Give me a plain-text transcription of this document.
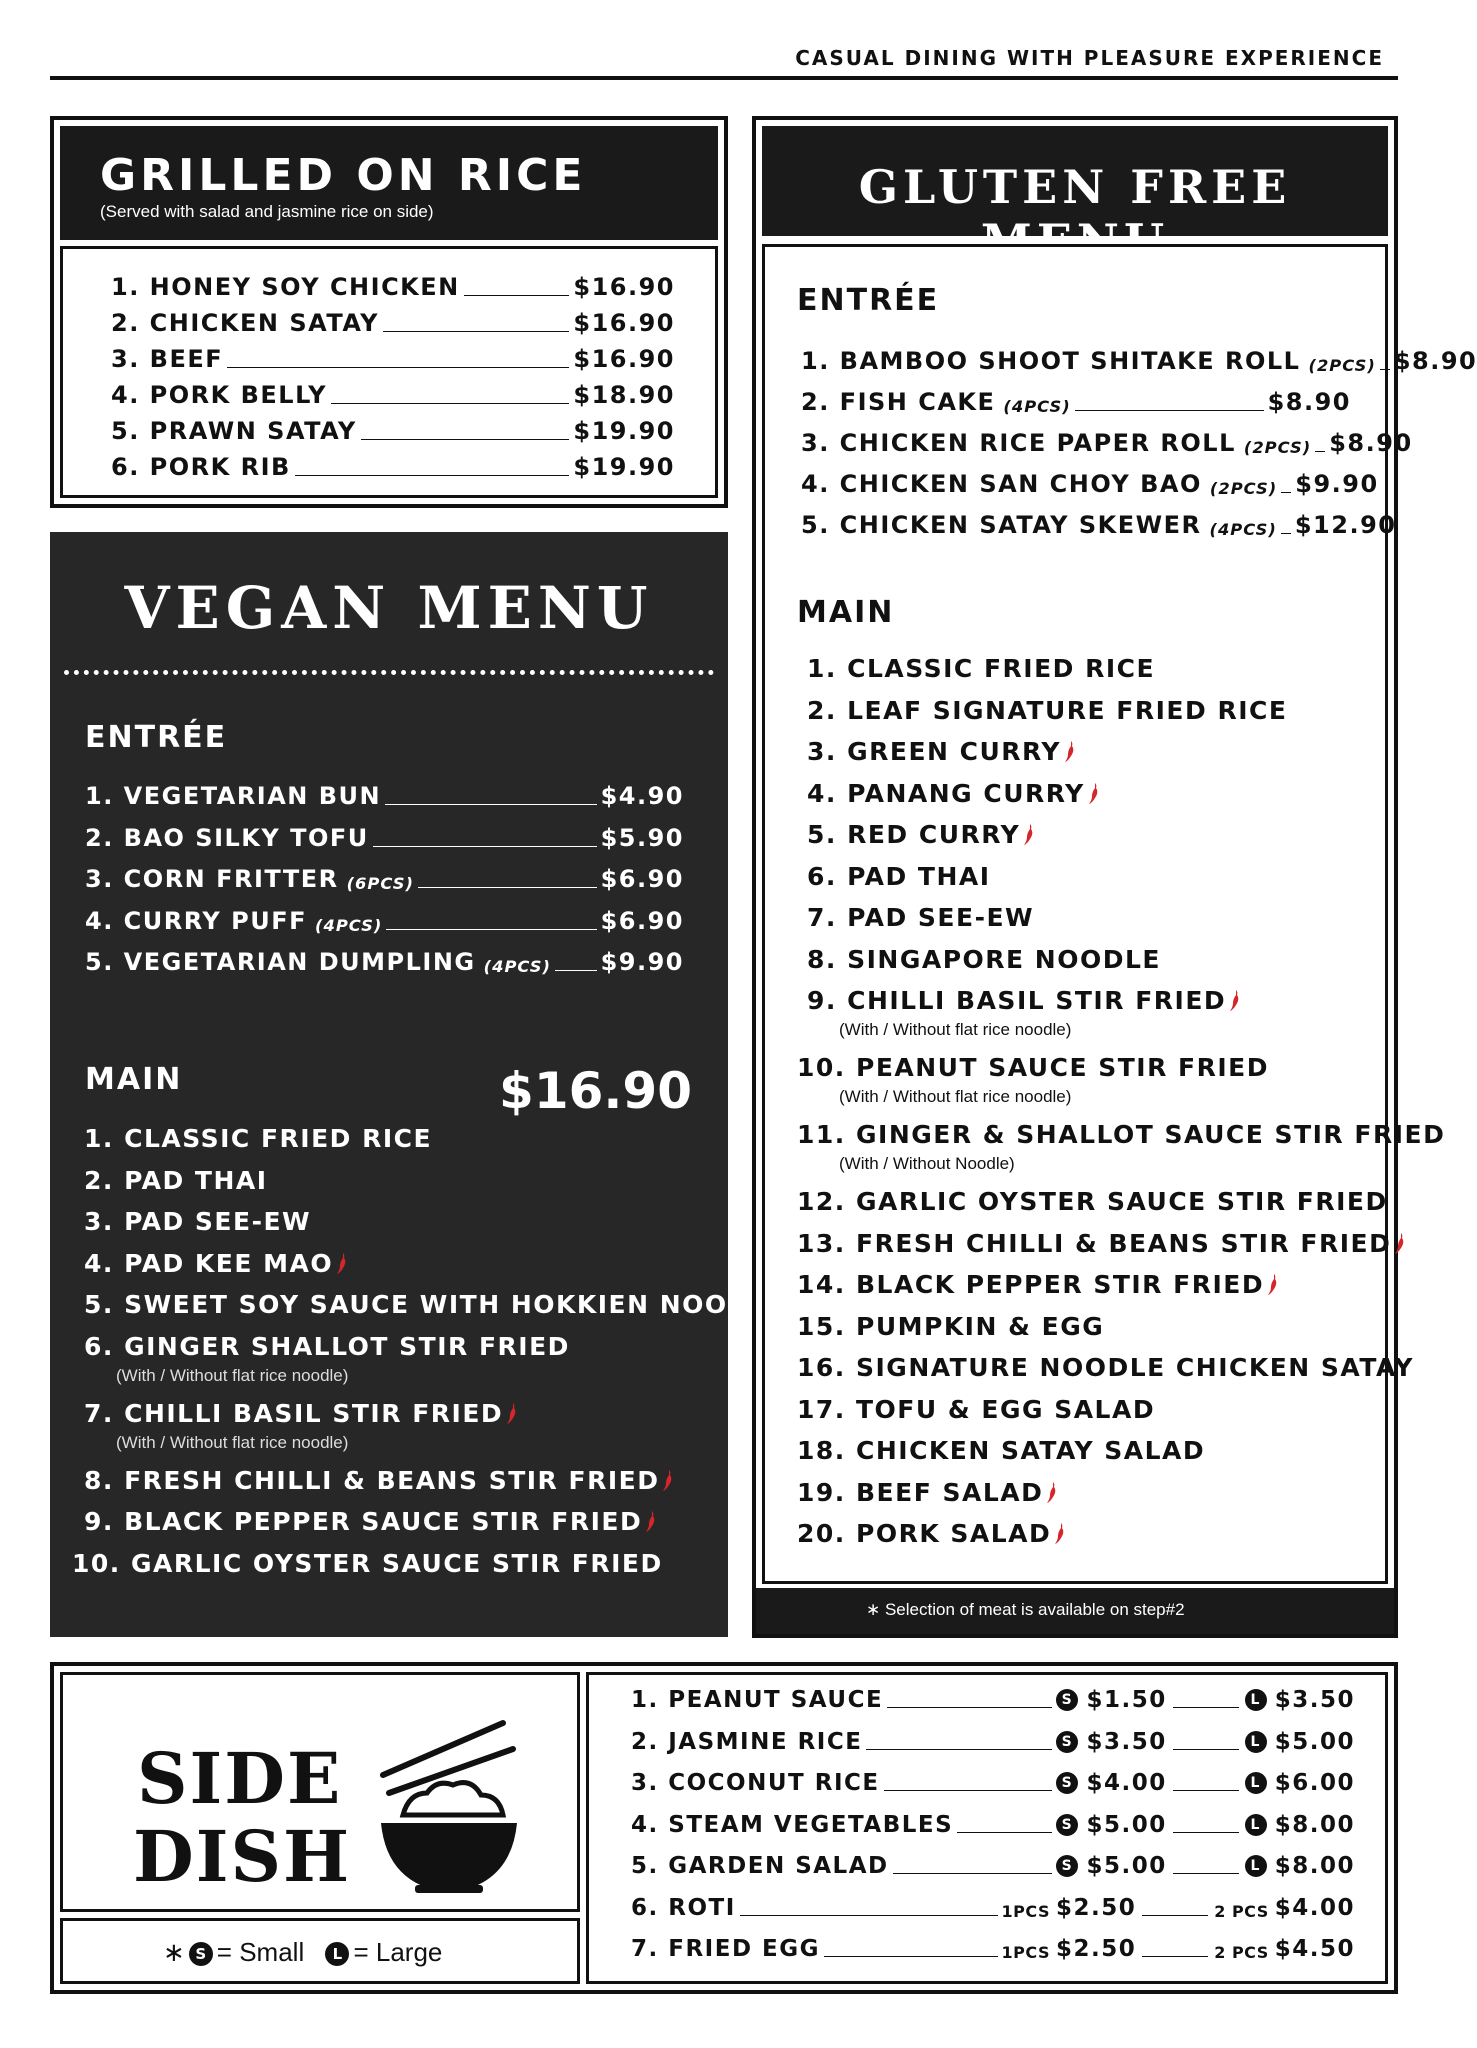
CASUAL DINING WITH PLEASURE EXPERIENCE
GRILLED ON RICE
(Served with salad and jasmine rice on side)
1. HONEY SOY CHICKEN	$16.90
2. CHICKEN SATAY	$16.90
3. BEEF	$16.90
4. PORK BELLY	$18.90
5. PRAWN SATAY	$19.90
6. PORK RIB	$19.90
VEGAN MENU
ENTRÉE
MAIN	$16.90
1. VEGETARIAN BUN	$4.90
2. BAO SILKY TOFU	$5.90
3. CORN FRITTER (6PCS)	$6.90
4. CURRY PUFF (4PCS)	$6.90
5. VEGETARIAN DUMPLING (4PCS) $9.90
1. CLASSIC FRIED RICE
2. PAD THAI
3. PAD SEE-EW
4. PAD KEE MAO
5. SWEET SOY SAUCE WITH HOKKIEN NOODLE
6. GINGER SHALLOT STIR FRIED
(With / Without flat rice noodle)
7. CHILLI BASIL STIR FRIED
(With / Without flat rice noodle)
8. FRESH CHILLI & BEANS STIR FRIED
9. BLACK PEPPER SAUCE STIR FRIED
10. GARLIC OYSTER SAUCE STIR FRIED
GLUTEN FREE MENU
ENTRÉE
MAIN
1. BAMBOO SHOOT SHITAKE ROLL (2PCS) $8.90
2. FISH CAKE (4PCS)	$8.90
3. CHICKEN RICE PAPER ROLL (2PCS) $8.90
4. CHICKEN SAN CHOY BAO (2PCS) $9.90
5. CHICKEN SATAY SKEWER (4PCS) $12.90
1. CLASSIC FRIED RICE
2. LEAF SIGNATURE FRIED RICE
3. GREEN CURRY
4. PANANG CURRY
5. RED CURRY
6. PAD THAI
7. PAD SEE-EW
8. SINGAPORE NOODLE
9. CHILLI BASIL STIR FRIED
(With / Without flat rice noodle)
10. PEANUT SAUCE STIR FRIED
(With / Without flat rice noodle)
11. GINGER & SHALLOT SAUCE STIR FRIED
(With / Without Noodle)
12. GARLIC OYSTER SAUCE STIR FRIED
13. FRESH CHILLI & BEANS STIR FRIED
14. BLACK PEPPER STIR FRIED
15. PUMPKIN & EGG
16. SIGNATURE NOODLE CHICKEN SATAY
17. TOFU & EGG SALAD
18. CHICKEN SATAY SALAD
19. BEEF SALAD
20. PORK SALAD
∗ Selection of meat is available on step#2
SIDE
DISH
∗ S = Small L = Large
1. PEANUT SAUCE	S $1.50	L $3.50
2. JASMINE RICE	S $3.50	L $5.00
3. COCONUT RICE	S $4.00	L $6.00
4. STEAM VEGETABLES	S $5.00	L $8.00
5. GARDEN SALAD	S $5.00	L $8.00
6. ROTI	1PCS $2.50	2 PCS $4.00
7. FRIED EGG	1PCS $2.50	2 PCS $4.50
